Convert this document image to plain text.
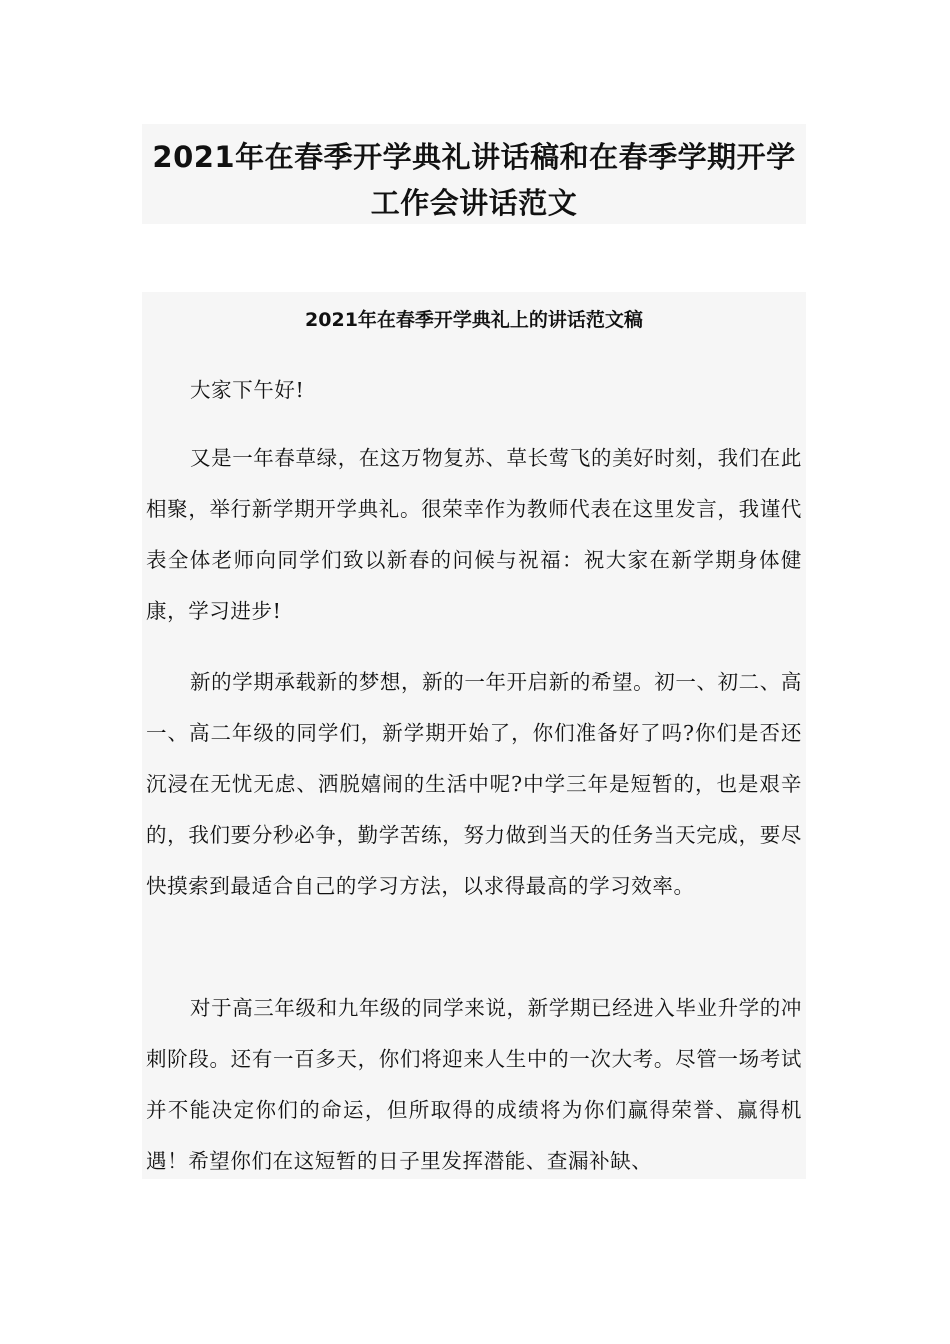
2021年在春季开学典礼讲话稿和在春季学期开学工作会讲话范文
2021年在春季开学典礼上的讲话范文稿

大家下午好!

又是一年春草绿，在这万物复苏、草长莺飞的美好时刻，我们在此相聚，举行新学期开学典礼。很荣幸作为教师代表在这里发言，我谨代表全体老师向同学们致以新春的问候与祝福：祝大家在新学期身体健康，学习进步!

新的学期承载新的梦想，新的一年开启新的希望。初一、初二、高一、高二年级的同学们，新学期开始了，你们准备好了吗?你们是否还沉浸在无忧无虑、洒脱嬉闹的生活中呢?中学三年是短暂的，也是艰辛的，我们要分秒必争，勤学苦练，努力做到当天的任务当天完成，要尽快摸索到最适合自己的学习方法，以求得最高的学习效率。

对于高三年级和九年级的同学来说，新学期已经进入毕业升学的冲刺阶段。还有一百多天，你们将迎来人生中的一次大考。尽管一场考试并不能决定你们的命运，但所取得的成绩将为你们赢得荣誉、赢得机遇！希望你们在这短暂的日子里发挥潜能、查漏补缺、
